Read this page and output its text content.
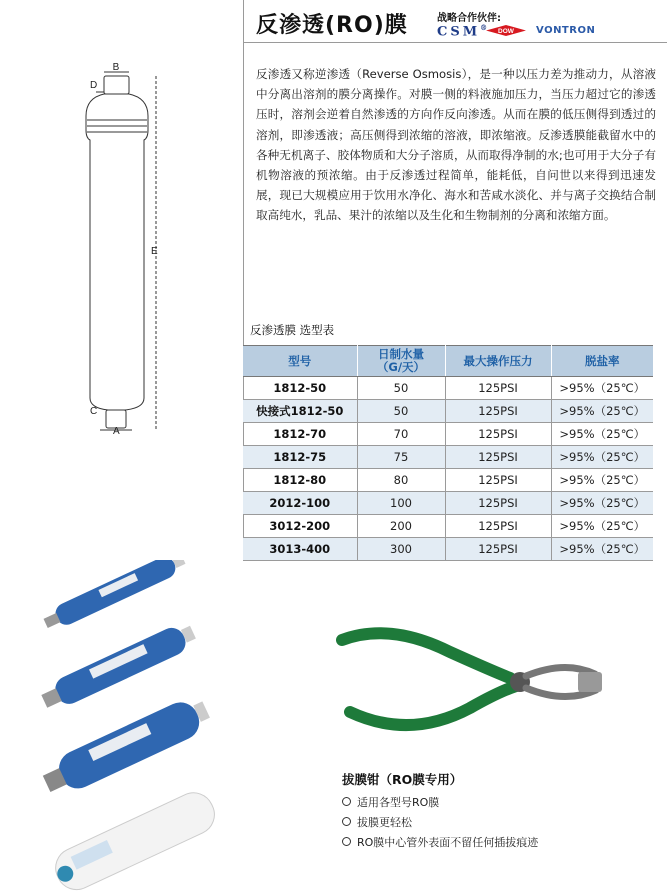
反渗透(RO)膜	战略合作伙伴:
CSM® DOW VONTRON
反渗透又称逆渗透（Reverse Osmosis），是一种以压力差为推动力，从溶液中分离出溶剂的膜分离操作。对膜一侧的料液施加压力，当压力超过它的渗透压时，溶剂会逆着自然渗透的方向作反向渗透。从而在膜的低压侧得到透过的溶剂，即渗透液；高压侧得到浓缩的溶液，即浓缩液。反渗透膜能截留水中的各种无机离子、胶体物质和大分子溶质，从而取得净制的水;也可用于大分子有机物溶液的预浓缩。由于反渗透过程简单，能耗低，自问世以来得到迅速发展，现已大规模应用于饮用水净化、海水和苦咸水淡化、并与离子交换结合制取高纯水，乳品、果汁的浓缩以及生化和生物制剂的分离和浓缩方面。
B
D
E
C
A
反渗透膜 选型表
型号	日制水量
（G/天）	最大操作压力	脱盐率
1812-50	50	125PSI	>95%（25℃）
快接式1812-50	50	125PSI	>95%（25℃）
1812-70	70	125PSI	>95%（25℃）
1812-75	75	125PSI	>95%（25℃）
1812-80	80	125PSI	>95%（25℃）
2012-100	100	125PSI	>95%（25℃）
3012-200	200	125PSI	>95%（25℃）
3013-400	300	125PSI	>95%（25℃）
拔膜钳（RO膜专用）
适用各型号RO膜
拔膜更轻松
RO膜中心管外表面不留任何插拔痕迹
